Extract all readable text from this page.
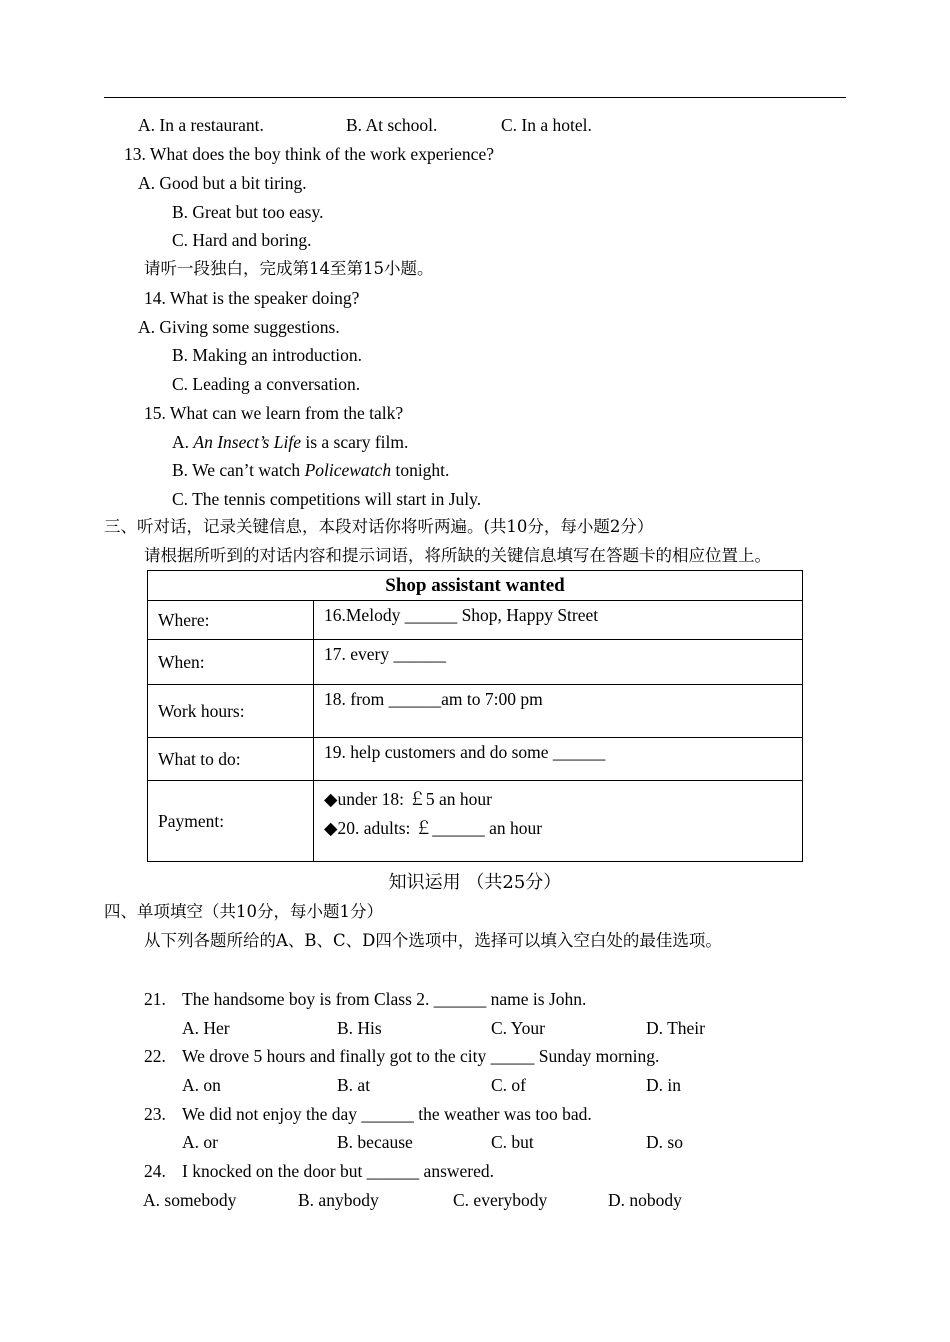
A. In a restaurant.	B. At school.	C. In a hotel.
13. What does the boy think of the work experience?
A. Good but a bit tiring.
B. Great but too easy.
C. Hard and boring.
请听一段独白，完成第14至第15小题。
14. What is the speaker doing?
A. Giving some suggestions.
B. Making an introduction.
C. Leading a conversation.
15. What can we learn from the talk?
A. An Insect’s Life is a scary film.
B. We can’t watch Policewatch tonight.
C. The tennis competitions will start in July.
三、听对话，记录关键信息，本段对话你将听两遍。(共10分，每小题2分）
请根据所听到的对话内容和提示词语，将所缺的关键信息填写在答题卡的相应位置上。
Shop assistant wanted	
Where:	16.Melody ______ Shop, Happy Street
When:	17. every ______
Work hours:	18. from ______am to 7:00 pm
What to do:	19. help customers and do some ______
Payment:	◆under 18: ￡5 an hour
◆20. adults: ￡______ an hour
知识运用 （共25分）
四、单项填空（共10分，每小题1分）
从下列各题所给的A、B、C、D四个选项中，选择可以填入空白处的最佳选项。
21. The handsome boy is from Class 2. ______ name is John.
A. Her	B. His	C. Your	D. Their
22. We drove 5 hours and finally got to the city _____ Sunday morning.
A. on	B. at	C. of	D. in
23. We did not enjoy the day ______ the weather was too bad.
A. or	B. because	C. but	D. so
24. I knocked on the door but ______ answered.
A. somebody	B. anybody	C. everybody	D. nobody
